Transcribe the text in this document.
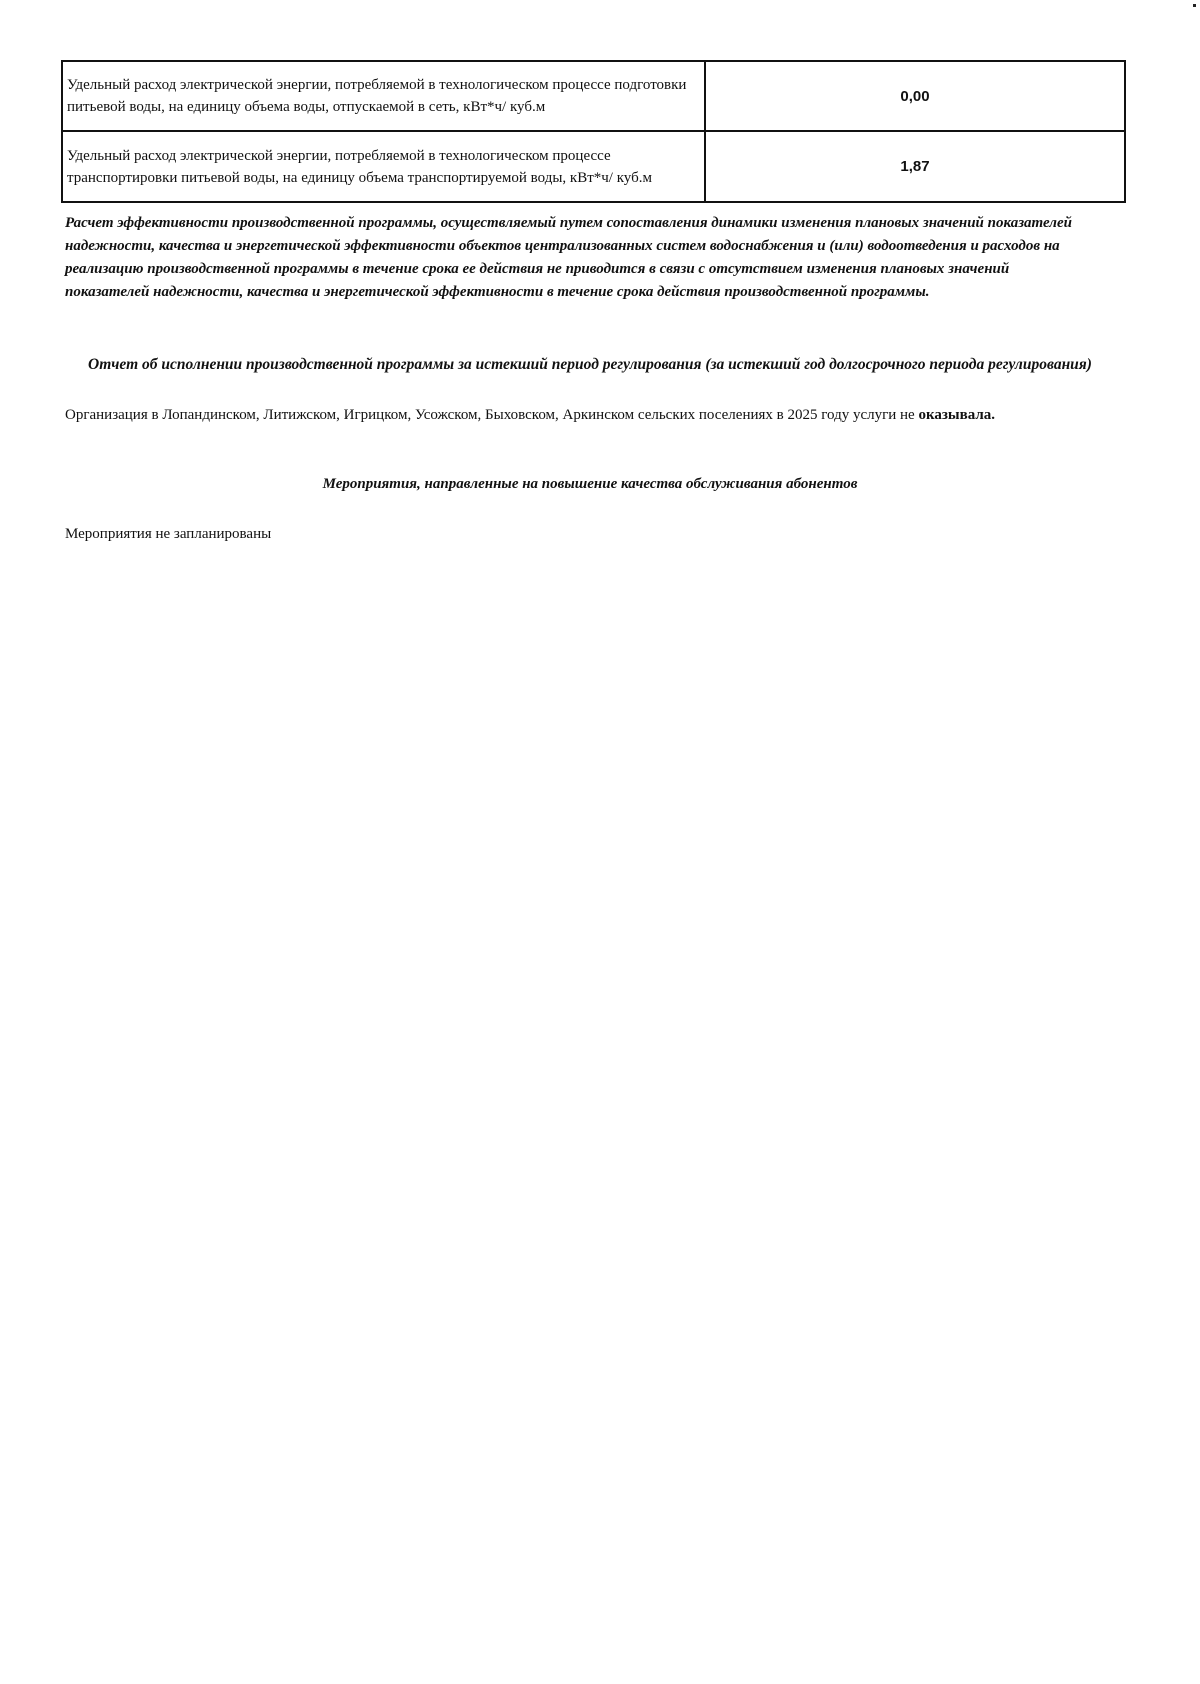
Удельный расход электрической энергии, потребляемой в технологическом процессе подготовки питьевой воды, на единицу объема воды, отпускаемой в сеть, кВт*ч/ куб.м	0,00
Удельный расход электрической энергии, потребляемой в технологическом процессе транспортировки питьевой воды, на единицу объема транспортируемой воды, кВт*ч/ куб.м	1,87
Расчет эффективности производственной программы, осуществляемый путем сопоставления динамики изменения плановых значений показателей надежности, качества и энергетической эффективности объектов централизованных систем водоснабжения и (или) водоотведения и расходов на реализацию производственной программы в течение срока ее действия не приводится в связи с отсутствием изменения плановых значений показателей надежности, качества и энергетической эффективности в течение срока действия производственной программы.
Отчет об исполнении производственной программы за истекший период регулирования (за истекший год долгосрочного периода регулирования)
Организация в Лопандинском, Литижском, Игрицком, Усожском, Быховском, Аркинском сельских поселениях в 2025 году услуги не оказывала.
Мероприятия, направленные на повышение качества обслуживания абонентов
Мероприятия не запланированы
